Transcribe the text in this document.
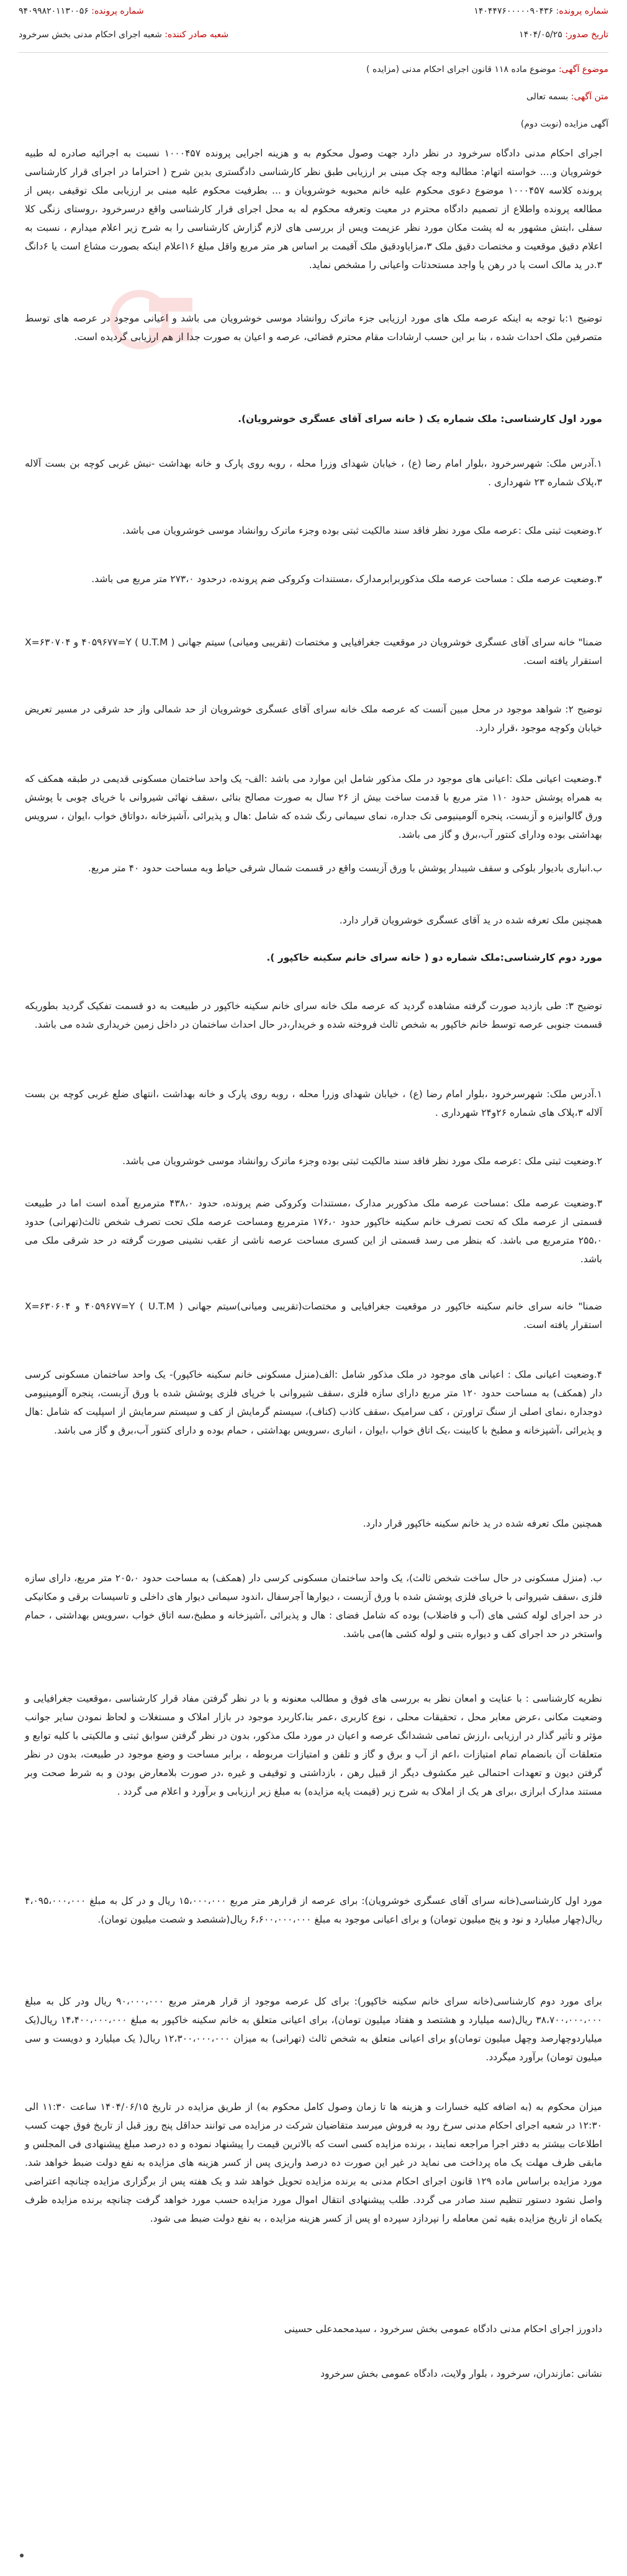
شماره پرونده: ۱۴۰۴۴۷۶۰۰۰۰۰۹۰۴۳۶
شماره پرونده: ۹۴۰۹۹۸۲۰۱۱۳۰۰۵۶
تاریخ صدور: ۱۴۰۴/۰۵/۲۵
شعبه صادر کننده: شعبه اجرای احکام مدنی بخش سرخرود
موضوع آگهی: موضوع ماده ۱۱۸ قانون اجرای احکام مدنی (مزایده )
متن آگهی: بسمه تعالی
آگهی مزایده (نوبت دوم)

اجرای احکام مدنی دادگاه سرخرود در نظر دارد جهت وصول محکوم به و هزینه اجرایی پرونده ۱۰۰۰۴۵۷ نسبت به اجرائیه صادره له طبیه خوشرویان و.... خواسته اتهام: مطالبه وجه چک مبنی بر ارزیابی طبق نظر کارشناسی دادگستری بدین شرح ( احتراما در اجرای قرار کارشناسی پرونده کلاسه ۱۰۰۰۴۵۷ موضوع دعوی محکوم علیه خانم محبوبه خوشرویان و ... بطرفیت محکوم علیه مبنی بر ارزیابی ملک توقیفی ،پس از مطالعه پرونده واطلاع از تصمیم دادگاه محترم در معیت وتعرفه محکوم له به محل اجرای قرار کارشناسی واقع درسرخرود ،روستای زنگی کلا سفلی ،ابتش مشهور به له پشت مکان مورد نظر عزیمت ویس از بررسی های لازم گزارش کارشناسی را به شرح زیر اعلام میدارم ، نسبت به اعلام دقیق موقعیت و مختصات دقیق ملک ۳،مزایاودقیق ملک آقیمت بر اساس هر متر مربع واقل مبلغ ۱۶اعلام اینکه بصورت مشاع است یا ۶دانگ ۳.در ید مالک است یا در رهن یا واجد مستحدثات واعیانی را مشخص نماید.

توضیح ۱:با توجه به اینکه عرصه ملک های مورد ارزیابی جزء ماترک روانشاد موسی خوشرویان می باشد و اعیانی موجود در عرصه های توسط متصرفین ملک احداث شده ، بنا بر این حسب ارشادات مقام محترم قضائی، عرصه و اعیان به صورت جدا از هم ارزیابی گردیده است.

مورد اول کارشناسی: ملک شماره یک ( خانه سرای آقای عسگری خوشرویان).

۱.آدرس ملک: شهرسرخرود ،بلوار امام رضا (ع) ، خیابان شهدای وزرا محله ، روبه روی پارک و خانه بهداشت -نبش غربی کوچه بن بست آلاله ۳،پلاک شماره ۲۳ شهرداری .

۲.وضعیت ثبتی ملک :عرصه ملک مورد نظر فاقد سند مالکیت ثبتی بوده وجزء ماترک روانشاد موسی خوشرویان می باشد.

۳.وضعیت عرصه ملک : مساحت عرصه ملک مذکوربرابرمدارک ،مستندات وکروکی ضم پرونده، درحدود ۲۷۳،۰ متر مربع می باشد.

ضمنا" خانه سرای آقای عسگری خوشرویان در موقعیت جغرافیایی و مختصات (تقریبی ومیانی) سیتم جهانی ( U.T.M ) ۴۰۵۹۶۷۷=Y و ۶۳۰۷۰۴=X استقرار یافته است.

توضیح ۲: شواهد موجود در محل مبین آنست که عرصه ملک خانه سرای آقای عسگری خوشرویان از حد شمالی واز حد شرقی در مسیر تعریض خیابان وکوچه موجود ،قرار دارد.

۴.وضعیت اعیانی ملک :اعیانی های موجود در ملک مذکور شامل این موارد می باشد :الف- یک واحد ساختمان مسکونی قدیمی در طبقه همکف که به همراه پوشش حدود ۱۱۰ متر مربع با قدمت ساخت بیش از ۲۶ سال به صورت مصالح بنائی ،سقف نهائی شیروانی با خرپای چوبی با پوشش ورق گالوانیزه و آزبست، پنجره آلومینیومی تک جداره، نمای سیمانی رنگ شده که شامل :هال و پذیرائی ،آشپزخانه ،دواتاق خواب ،ایوان ، سرویس بهداشتی بوده ودارای کنتور آب،برق و گاز می باشد.

ب.انباری بادیوار بلوکی و سقف شیبدار پوشش با ورق آزبست واقع در قسمت شمال شرقی حیاط وبه مساحت حدود ۴۰ متر مربع.

همچنین ملک تعرفه شده در ید آقای عسگری خوشرویان قرار دارد.

مورد دوم کارشناسی:ملک شماره دو ( خانه سرای خانم سکینه خاکپور ).

توضیح ۳: طی بازدید صورت گرفته مشاهده گردید که عرصه ملک خانه سرای خانم سکینه خاکپور در طبیعت به دو قسمت تفکیک گردید بطوریکه قسمت جنوبی عرصه توسط خانم خاکپور به شخص ثالث فروخته شده و خریدار،در حال احداث ساختمان در داخل زمین خریداری شده می باشد.

۱.آدرس ملک: شهرسرخرود ،بلوار امام رضا (ع) ، خیابان شهدای وزرا محله ، روبه روی پارک و خانه بهداشت ،انتهای ضلع غربی کوچه بن بست آلاله ۳،پلاک های شماره ۲۶و۲۴ شهرداری .

۲.وضعیت ثبتی ملک :عرصه ملک مورد نظر فاقد سند مالکیت ثبتی بوده وجزء ماترک روانشاد موسی خوشرویان می باشد.

۳.وضعیت عرصه ملک :مساحت عرصه ملک مذکوربر مدارک ،مستندات وکروکی ضم پرونده، حدود ۴۳۸،۰ مترمربع آمده است اما در طبیعت قسمتی از عرصه ملک که تحت تصرف خانم سکینه خاکپور حدود ۱۷۶،۰ مترمربع ومساحت عرصه ملک تحت تصرف شخص ثالث(تهرانی) حدود ۲۵۵،۰ مترمربع می باشد. که بنظر می رسد قسمتی از این کسری مساحت عرصه ناشی از عقب نشینی صورت گرفته در حد شرقی ملک می باشد.

ضمنا" خانه سرای خانم سکینه خاکپور در موقعیت جغرافیایی و مختصات(تقریبی ومیانی)سیتم جهانی ( U.T.M ) ۴۰۵۹۶۷۷=Y و ۶۳۰۶۰۴=X استقرار یافته است.

۴.وضعیت اعیانی ملک : اعیانی های موجود در ملک مذکور شامل :الف(منزل مسکونی خانم سکینه خاکپور)- یک واحد ساختمان مسکونی کرسی دار (همکف) به مساحت حدود ۱۲۰ متر مربع دارای سازه فلزی ،سقف شیروانی با خرپای فلزی پوشش شده با ورق آزبست، پنجره آلومینیومی دوجداره ،نمای اصلی از سنگ تراورتن ، کف سرامیک ،سقف کاذب (کناف)، سیستم گرمایش از کف و سیستم سرمایش از اسپلیت که شامل :هال و پذیرائی ،آشپزخانه و مطبخ با کابینت ،یک اتاق خواب ،ایوان ، انباری ،سرویس بهداشتی ، حمام بوده و دارای کنتور آب،برق و گاز می باشد.

همچنین ملک تعرفه شده در ید خانم سکینه خاکپور قرار دارد.

ب. (منزل مسکونی در حال ساخت شخص ثالث)، یک واحد ساختمان مسکونی کرسی دار (همکف) به مساحت حدود ۲۰۵،۰ متر مربع، دارای سازه فلزی ،سقف شیروانی با خرپای فلزی پوشش شده با ورق آزبست ، دیوارها آجرسفال ،اندود سیمانی دیوار های داخلی و تاسیسات برقی و مکانیکی در حد اجرای لوله کشی های (آب و فاضلاب) بوده که شامل فضای : هال و پذیرائی ،آشپزخانه و مطبخ،سه اتاق خواب ،سرویس بهداشتی ، حمام واستخر در حد اجرای کف و دیواره بتنی و لوله کشی ها)می باشد.

نظریه کارشناسی : با عنایت و امعان نظر به بررسی های فوق و مطالب معنونه و با در نظر گرفتن مفاد قرار کارشناسی ،موقعیت جغرافیایی و وضعیت مکانی ،عرض معابر محل ، تحقیقات محلی ، نوع کاربری ،عمر بنا،کاربرد موجود در بازار املاک و مستغلات و لحاظ نمودن سایر جوانب مؤثر و تأثیر گذار در ارزیابی ،ارزش تمامی ششدانگ عرصه و اعیان در مورد ملک مذکور، بدون در نظر گرفتن سوابق ثبتی و مالکیتی با کلیه توابع و متعلقات آن بانضمام تمام امتیازات ،اعم از آب و برق و گاز و تلفن و امتیازات مربوطه ، برابر مساحت و وضع موجود در طبیعت، بدون در نظر گرفتن دیون و تعهدات احتمالی غیر مکشوف دیگر از قبیل رهن ، بازداشتی و توقیفی و غیره ،در صورت بلامعارض بودن و به شرط صحت وبر مستند مدارک ابرازی ،برای هر یک از املاک به شرح زیر (قیمت پایه مزایده) به مبلغ زیر ارزیابی و برآورد و اعلام می گردد .

مورد اول کارشناسی(خانه سرای آقای عسگری خوشرویان): برای عرصه از قرارهر متر مربع ۱۵،۰۰۰،۰۰۰ ریال و در کل به مبلغ ۴،۰۹۵،۰۰۰،۰۰۰ ریال(چهار میلیارد و نود و پنج میلیون تومان) و برای اعیانی موجود به مبلغ ۶،۶۰۰،۰۰۰،۰۰۰ ریال(ششصد و شصت میلیون تومان).

برای مورد دوم کارشناسی(خانه سرای خانم سکینه خاکپور): برای کل عرصه موجود از قرار هرمتر مربع ۹۰،۰۰۰،۰۰۰ ریال ودر کل به مبلغ ۳۸،۷۰۰،۰۰۰،۰۰۰ ریال(سه میلیارد و هشتصد و هفتاد میلیون تومان)، برای اعیانی متعلق به خانم سکینه خاکپور به مبلغ ۱۴،۴۰۰،۰۰۰،۰۰۰ ریال(یک میلیاردوچهارصد وچهل میلیون تومان)و برای اعیانی متعلق به شخص ثالث (تهرانی) به میزان ۱۲،۳۰۰،۰۰۰،۰۰۰ ریال( یک میلیارد و دویست و سی میلیون تومان) برآورد میگردد.

میزان محکوم به (به اضافه کلیه خسارات و هزینه ها تا زمان وصول کامل محکوم به) از طریق مزایده در تاریخ ۱۴۰۴/۰۶/۱۵ ساعت ۱۱:۳۰ الی ۱۲:۳۰ در شعبه اجرای احکام مدنی سرخ رود به فروش میرسد متقاضیان شرکت در مزایده می توانند حداقل پنج روز قبل از تاریخ فوق جهت کسب اطلاعات بیشتر به دفتر اجرا مراجعه نمایند ، برنده مزایده کسی است که بالاترین قیمت را پیشنهاد نموده و ده درصد مبلغ پیشنهادی فی المجلس و مابقی ظرف مهلت یک ماه پرداخت می نماید در غیر این صورت ده درصد واریزی پس از کسر هزینه های مزایده به نفع دولت ضبط خواهد شد. مورد مزایده براساس ماده ۱۲۹ قانون اجرای احکام مدنی به برنده مزایده تحویل خواهد شد و یک هفته پس از برگزاری مزایده چنانچه اعتراضی واصل نشود دستور تنظیم سند صادر می گردد. طلب پیشنهادی انتقال اموال مورد مزایده حسب مورد خواهد گرفت چنانچه برنده مزایده ظرف یکماه از تاریخ مزایده بقیه ثمن معامله را نپردازد سپرده او پس از کسر هزینه مزایده ، به نفع دولت ضبط می شود.

دادورز اجرای احکام مدنی دادگاه عمومی بخش سرخرود ، سیدمحمدعلی حسینی

نشانی :مازندران، سرخرود ، بلوار ولایت، دادگاه عمومی بخش سرخرود
